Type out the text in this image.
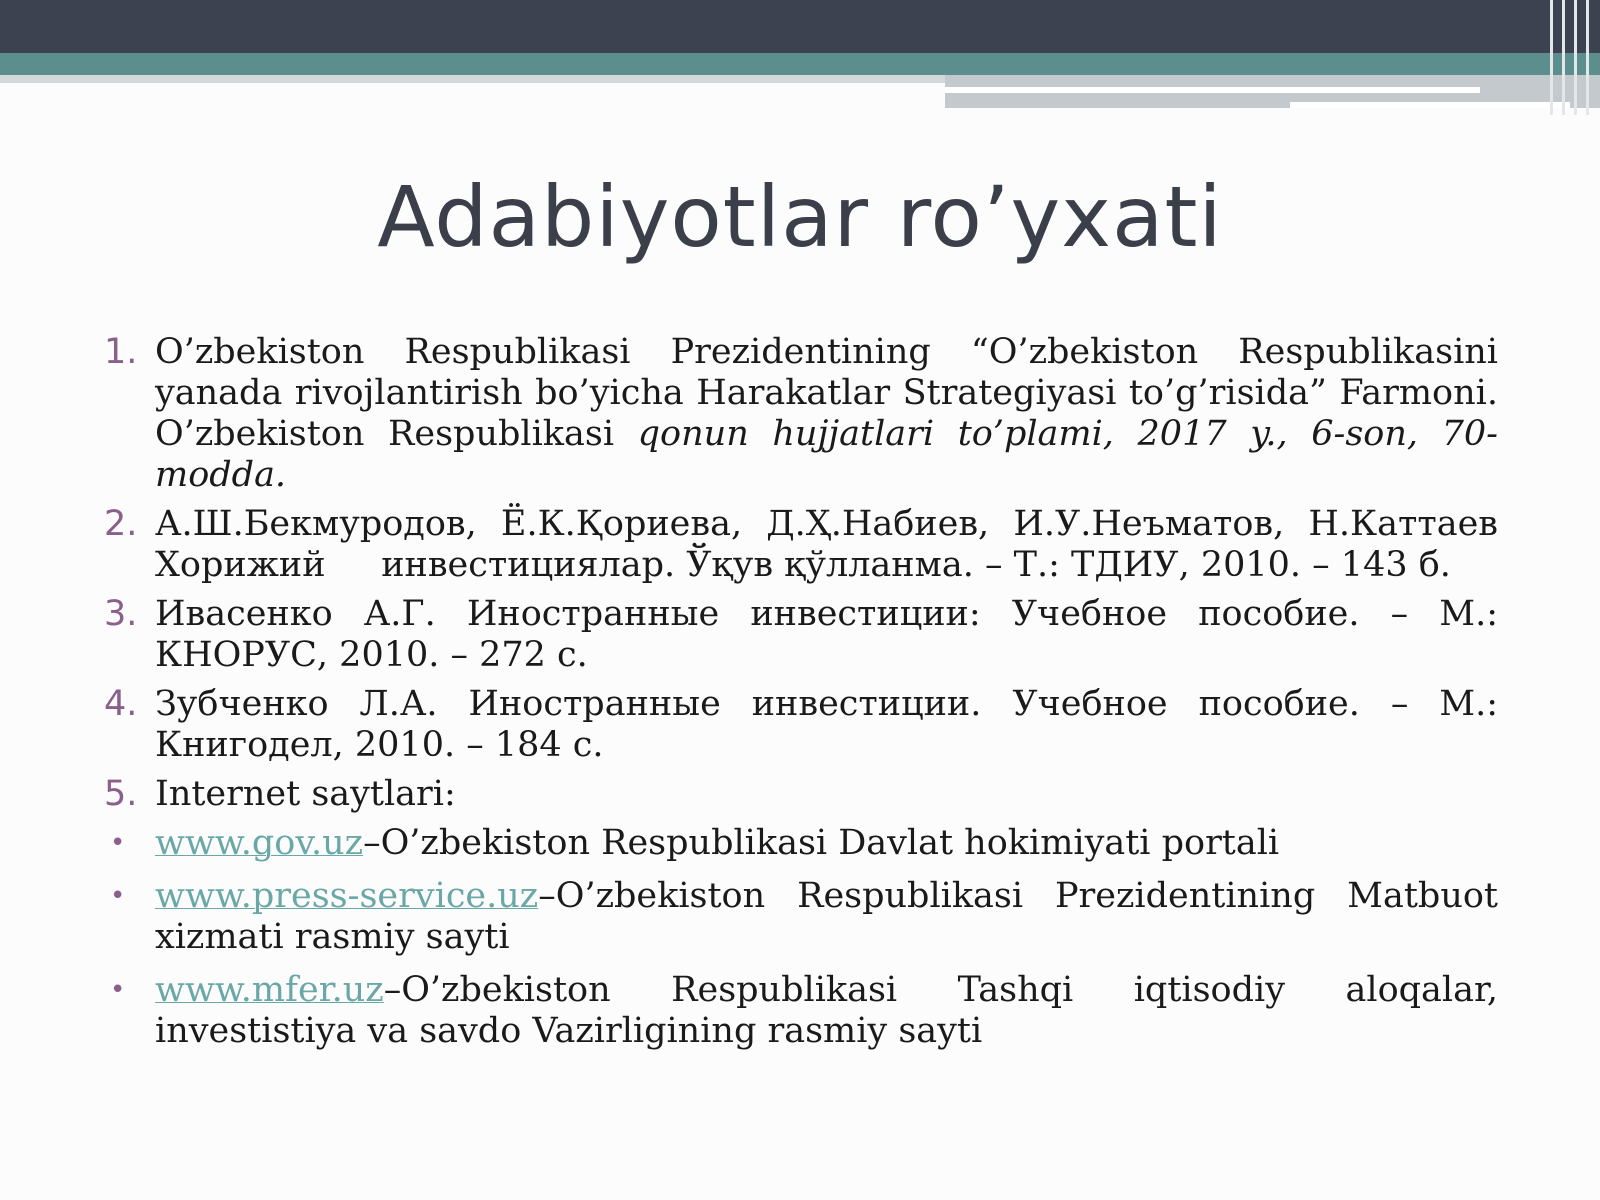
Adabiyotlar ro’yxati
1. O’zbekiston Respublikasi Prezidentining “O’zbekiston Respublikasini yanada rivojlantirish bo’yicha Harakatlar Strategiyasi to’g’risida” Farmoni. O’zbekiston Respublikasi qonun hujjatlari to’plami, 2017 y., 6-son, 70-modda.
2. А.Ш.Бекмуродов, Ё.К.Қориева, Д.Ҳ.Набиев, И.У.Неъматов, Н.Каттаев Хорижий     инвестициялар. Ўқув қўлланма. – Т.: ТДИУ, 2010. – 143 б.
3. Ивасенко А.Г. Иностранные инвестиции: Учебное пособие. – М.: КНОРУС, 2010. – 272 с.
4. Зубченко Л.А. Иностранные инвестиции. Учебное пособие. – М.: Книгодел, 2010. – 184 с.
5. Internet saytlari:
• www.gov.uz–O’zbekiston Respublikasi Davlat hokimiyati portali
• www.press-service.uz–O’zbekiston Respublikasi Prezidentining Matbuot xizmati rasmiy sayti
• www.mfer.uz–O’zbekiston Respublikasi Tashqi iqtisodiy aloqalar, investistiya va savdo Vazirligining rasmiy sayti
